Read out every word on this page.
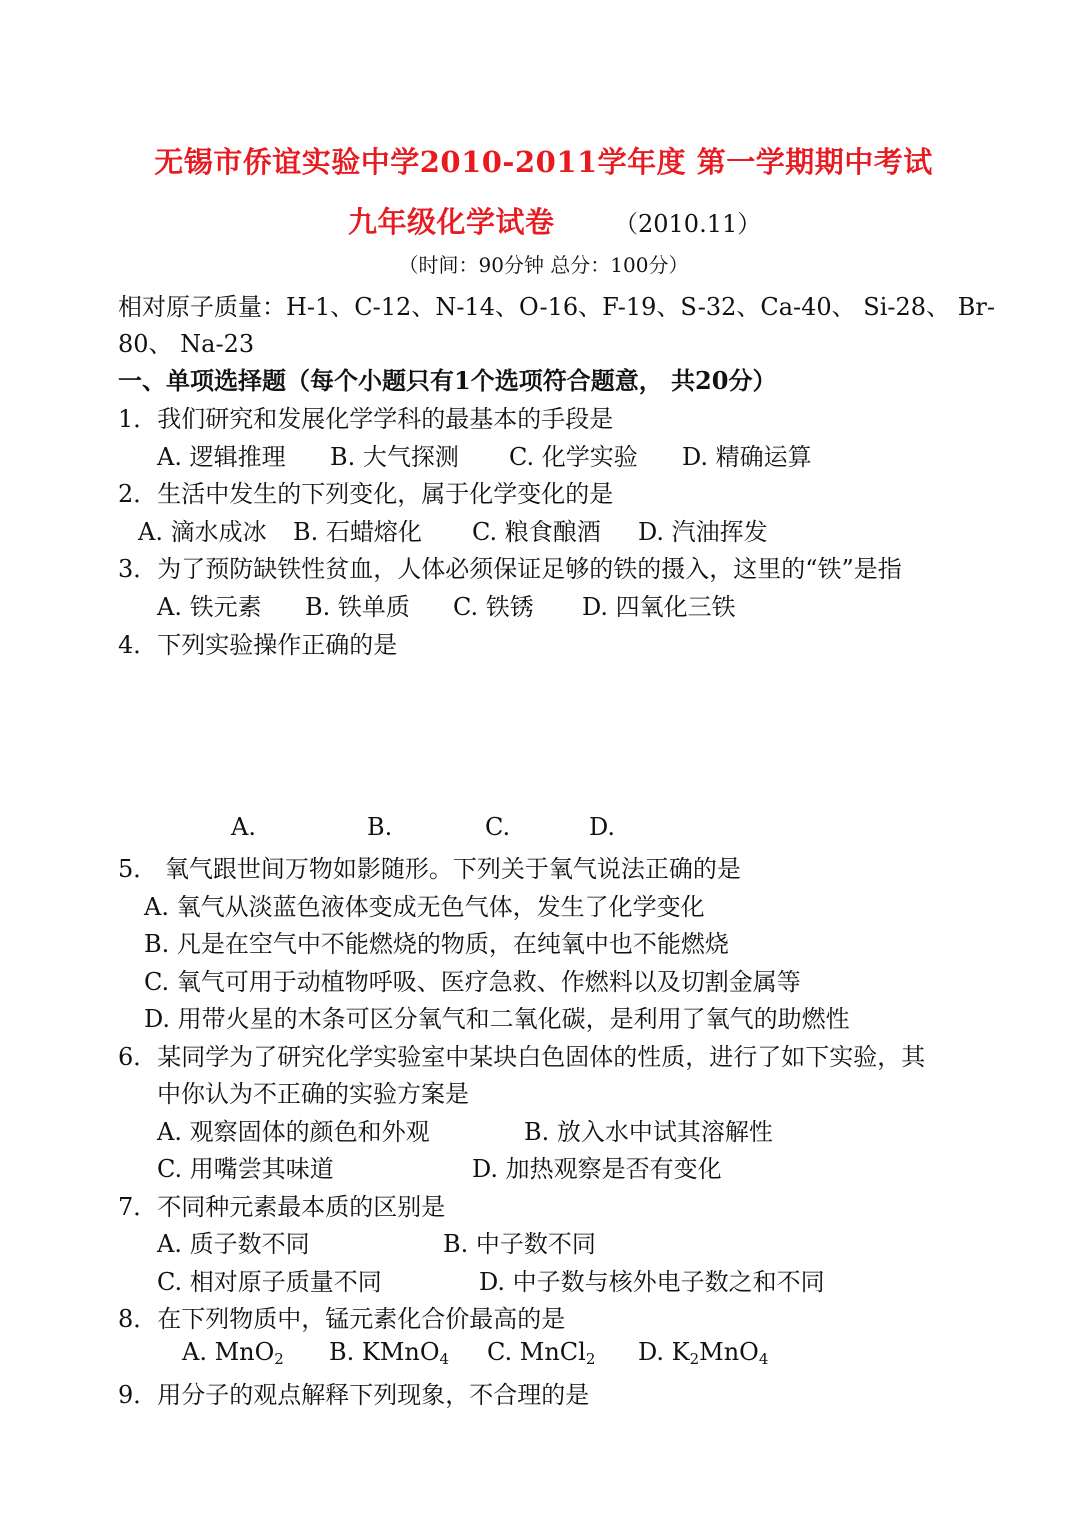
无锡市侨谊实验中学2010-2011学年度 第一学期期中考试
九年级化学试卷 （2010.11）
（时间：90分钟 总分：100分）
相对原子质量：H-1、C-12、N-14、O-16、F-19、S-32、Ca-40、 Si-28、 Br-
80、 Na-23
一、单项选择题（每个小题只有1个选项符合题意， 共20分）
1．我们研究和发展化学学科的最基本的手段是
A. 逻辑推理 B. 大气探测 C. 化学实验 D. 精确运算
2．生活中发生的下列变化，属于化学变化的是
A. 滴水成冰 B. 石蜡熔化 C. 粮食酿酒 D. 汽油挥发
3．为了预防缺铁性贫血，人体必须保证足够的铁的摄入，这里的“铁”是指
A. 铁元素 B. 铁单质 C. 铁锈 D. 四氧化三铁
4．下列实验操作正确的是
A.	B.	C.	D.
5． 氧气跟世间万物如影随形。下列关于氧气说法正确的是
A. 氧气从淡蓝色液体变成无色气体，发生了化学变化
B. 凡是在空气中不能燃烧的物质，在纯氧中也不能燃烧
C. 氧气可用于动植物呼吸、医疗急救、作燃料以及切割金属等
D. 用带火星的木条可区分氧气和二氧化碳，是利用了氧气的助燃性
6．某同学为了研究化学实验室中某块白色固体的性质，进行了如下实验，其
中你认为不正确的实验方案是
A. 观察固体的颜色和外观	B. 放入水中试其溶解性
C. 用嘴尝其味道	D. 加热观察是否有变化
7．不同种元素最本质的区别是
A. 质子数不同	B. 中子数不同
C. 相对原子质量不同	D. 中子数与核外电子数之和不同
8．在下列物质中，锰元素化合价最高的是
A. MnO$_2$ B. KMnO$_4$ C. MnCl$_2$ D. $K_2MnO_4$
9．用分子的观点解释下列现象，不合理的是
